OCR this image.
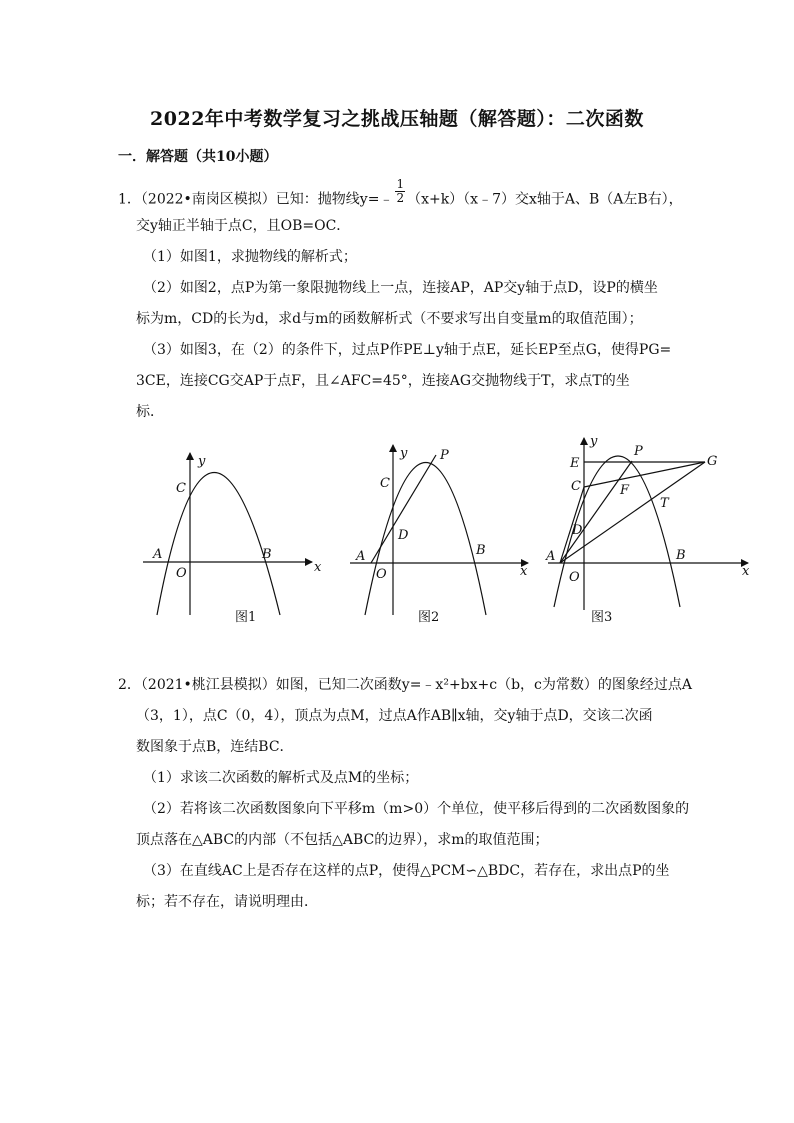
2022年中考数学复习之挑战压轴题（解答题）：二次函数
一．解答题（共10小题）
1．（2022•南岗区模拟）已知：抛物线y=﹣ $\frac{1}{2}$ （x+k）（x﹣7）交x轴于A、B（A左B右），
交y轴正半轴于点C，且OB=OC．
（1）如图1，求抛物线的解析式；
（2）如图2，点P为第一象限抛物线上一点，连接AP，AP交y轴于点D，设P的横坐
标为m，CD的长为d，求d与m的函数解析式（不要求写出自变量m的取值范围）；
（3）如图3，在（2）的条件下，过点P作PE⊥y轴于点E，延长EP至点G，使得PG=
3CE，连接CG交AP于点F，且∠AFC=45°，连接AG交抛物线于T，求点T的坐
标．
y
x
C
A
O
B
图1
y
x
P
C
D
A
O
B
图2
y
x
P
E	G
C	F
T
D
A
O
B
图3
2．（2021•桃江县模拟）如图，已知二次函数y=﹣x²+bx+c（b，c为常数）的图象经过点A
（3，1），点C（0，4），顶点为点M，过点A作AB∥x轴，交y轴于点D，交该二次函
数图象于点B，连结BC．
（1）求该二次函数的解析式及点M的坐标；
（2）若将该二次函数图象向下平移m（m>0）个单位，使平移后得到的二次函数图象的
顶点落在△ABC的内部（不包括△ABC的边界），求m的取值范围；
（3）在直线AC上是否存在这样的点P，使得△PCM∽△BDC，若存在，求出点P的坐
标；若不存在，请说明理由．
